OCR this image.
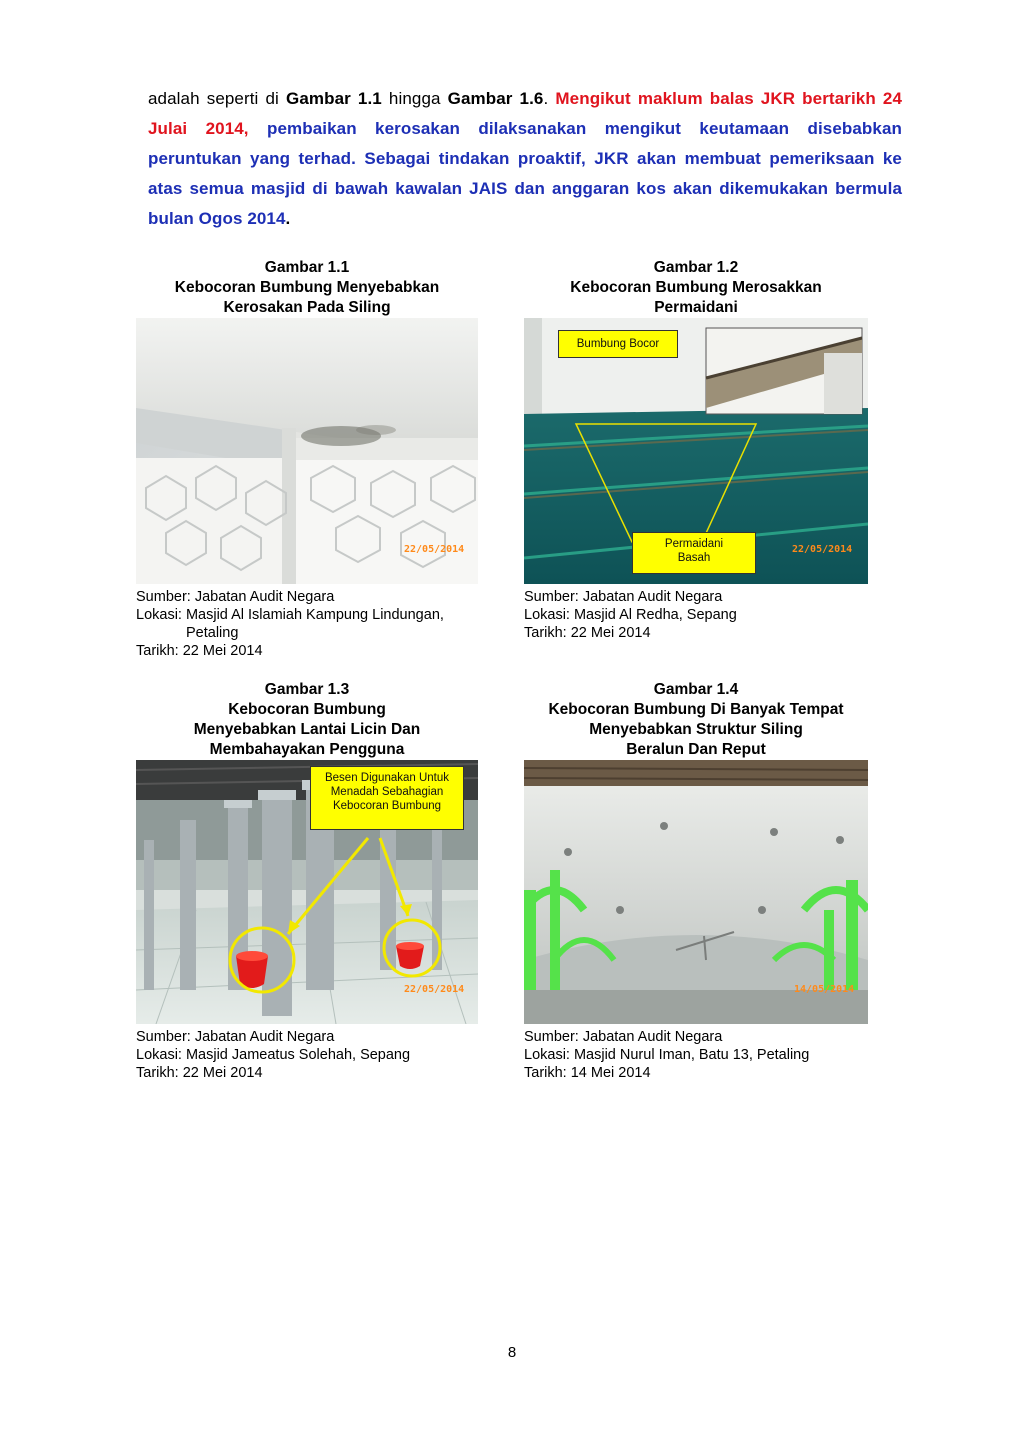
adalah seperti di Gambar 1.1 hingga Gambar 1.6. Mengikut maklum balas JKR bertarikh 24 Julai 2014, pembaikan kerosakan dilaksanakan mengikut keutamaan disebabkan peruntukan yang terhad. Sebagai tindakan proaktif, JKR akan membuat pemeriksaan ke atas semua masjid di bawah kawalan JAIS dan anggaran kos akan dikemukakan bermula bulan Ogos 2014.
Gambar 1.1
Kebocoran Bumbung Menyebabkan
Kerosakan Pada Siling
22/05/2014
Sumber: Jabatan Audit Negara
Lokasi: Masjid Al Islamiah Kampung Lindungan,
Petaling
Tarikh: 22 Mei 2014
Gambar 1.2
Kebocoran Bumbung Merosakkan
Permaidani
Bumbung Bocor
Permaidani
Basah
22/05/2014
Sumber: Jabatan Audit Negara
Lokasi: Masjid Al Redha, Sepang
Tarikh: 22 Mei 2014
Gambar 1.3
Kebocoran Bumbung
Menyebabkan Lantai Licin Dan
Membahayakan Pengguna
Besen Digunakan Untuk
Menadah Sebahagian
Kebocoran Bumbung
22/05/2014
Sumber: Jabatan Audit Negara
Lokasi: Masjid Jameatus Solehah, Sepang
Tarikh: 22 Mei 2014
Gambar 1.4
Kebocoran Bumbung Di Banyak Tempat
Menyebabkan Struktur Siling
Beralun Dan Reput
14/05/2014
Sumber: Jabatan Audit Negara
Lokasi: Masjid Nurul Iman, Batu 13, Petaling
Tarikh: 14 Mei 2014
8
